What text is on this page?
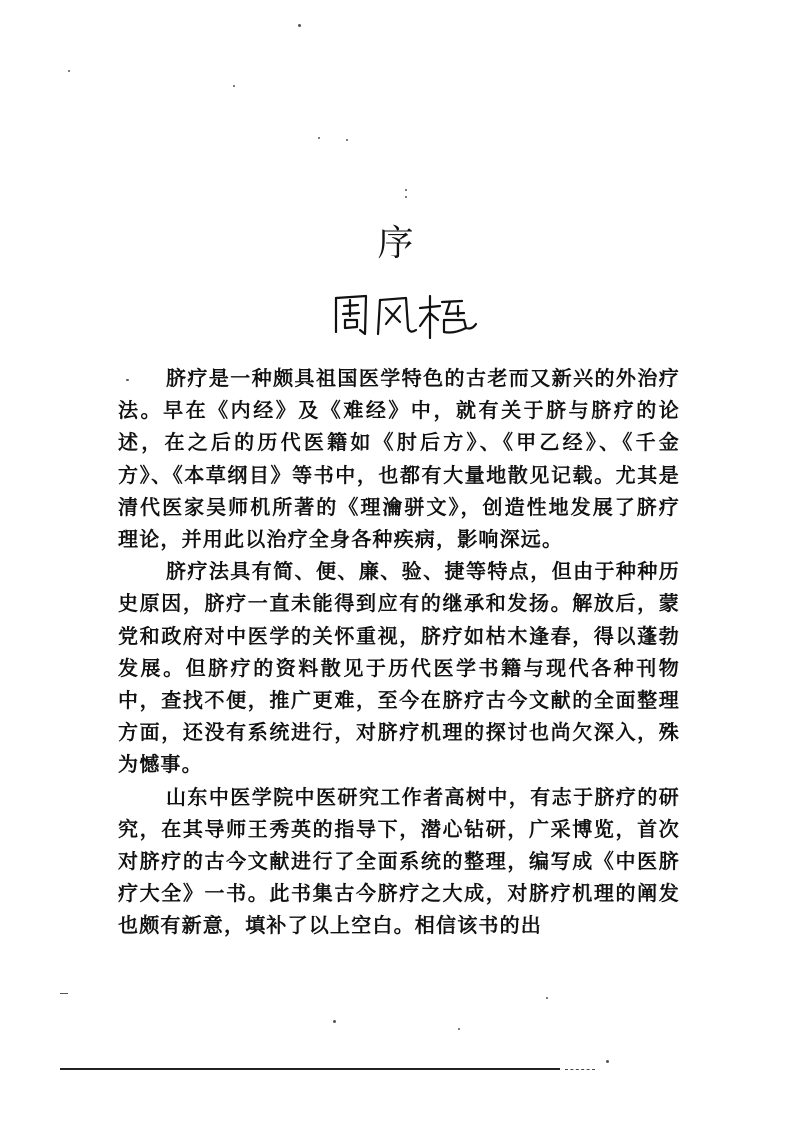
序

脐疗是一种颇具祖国医学特色的古老而又新兴的外治疗法。早在《内经》及《难经》中，就有关于脐与脐疗的论述，在之后的历代医籍如《肘后方》、《甲乙经》、《千金方》、《本草纲目》等书中，也都有大量地散见记载。尤其是清代医家吴师机所著的《理瀹骈文》，创造性地发展了脐疗理论，并用此以治疗全身各种疾病，影响深远。

脐疗法具有简、便、廉、验、捷等特点，但由于种种历史原因，脐疗一直未能得到应有的继承和发扬。解放后，蒙党和政府对中医学的关怀重视，脐疗如枯木逢春，得以蓬勃发展。但脐疗的资料散见于历代医学书籍与现代各种刊物中，查找不便，推广更难，至今在脐疗古今文献的全面整理方面，还没有系统进行，对脐疗机理的探讨也尚欠深入，殊为憾事。

山东中医学院中医研究工作者高树中，有志于脐疗的研究，在其导师王秀英的指导下，潜心钻研，广采博览，首次对脐疗的古今文献进行了全面系统的整理，编写成《中医脐疗大全》一书。此书集古今脐疗之大成，对脐疗机理的阐发也颇有新意，填补了以上空白。相信该书的出
